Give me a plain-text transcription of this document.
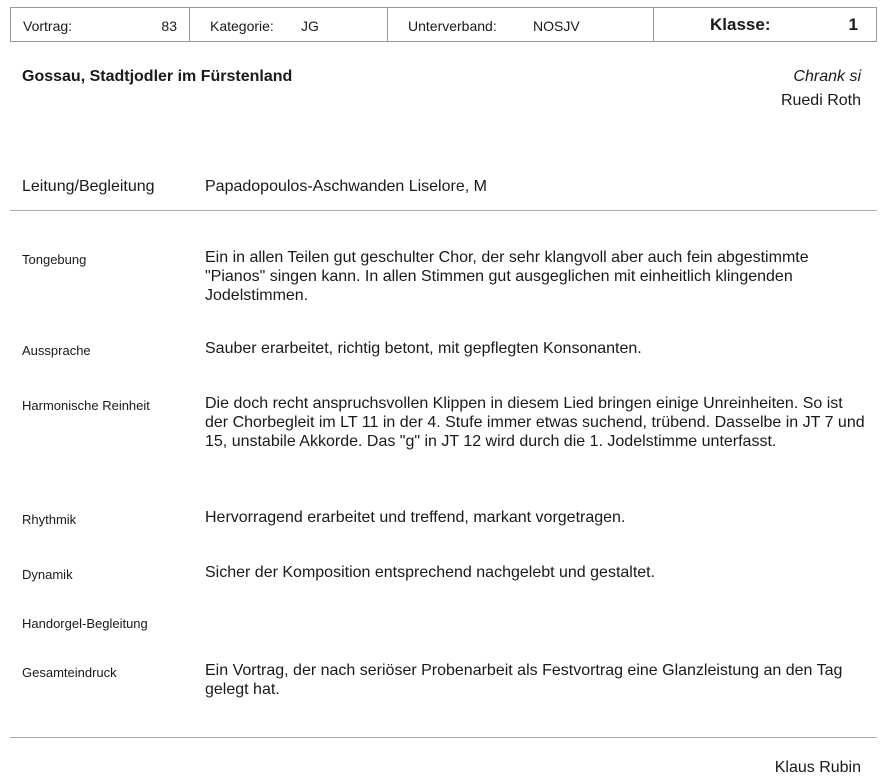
Vortrag:	83 Kategorie: JG	Unterverband:	NOSJV	Klasse:	1
Gossau, Stadtjodler im Fürstenland	Chrank si
Ruedi Roth
Leitung/Begleitung	Papadopoulos-Aschwanden Liselore, M
Tongebung	Ein in allen Teilen gut geschulter Chor, der sehr klangvoll aber auch fein abgestimmte "Pianos" singen kann. In allen Stimmen gut ausgeglichen mit einheitlich klingenden Jodelstimmen.
Aussprache	Sauber erarbeitet, richtig betont, mit gepflegten Konsonanten.
Harmonische Reinheit	Die doch recht anspruchsvollen Klippen in diesem Lied bringen einige Unreinheiten. So ist der Chorbegleit im LT 11 in der 4. Stufe immer etwas suchend, trübend. Dasselbe in JT 7 und 15, unstabile Akkorde. Das "g" in JT 12 wird durch die 1. Jodelstimme unterfasst.
Rhythmik	Hervorragend erarbeitet und treffend, markant vorgetragen.
Dynamik	Sicher der Komposition entsprechend nachgelebt und gestaltet.
Handorgel-Begleitung
Gesamteindruck	Ein Vortrag, der nach seriöser Probenarbeit als Festvortrag eine Glanzleistung an den Tag gelegt hat.
Klaus Rubin
